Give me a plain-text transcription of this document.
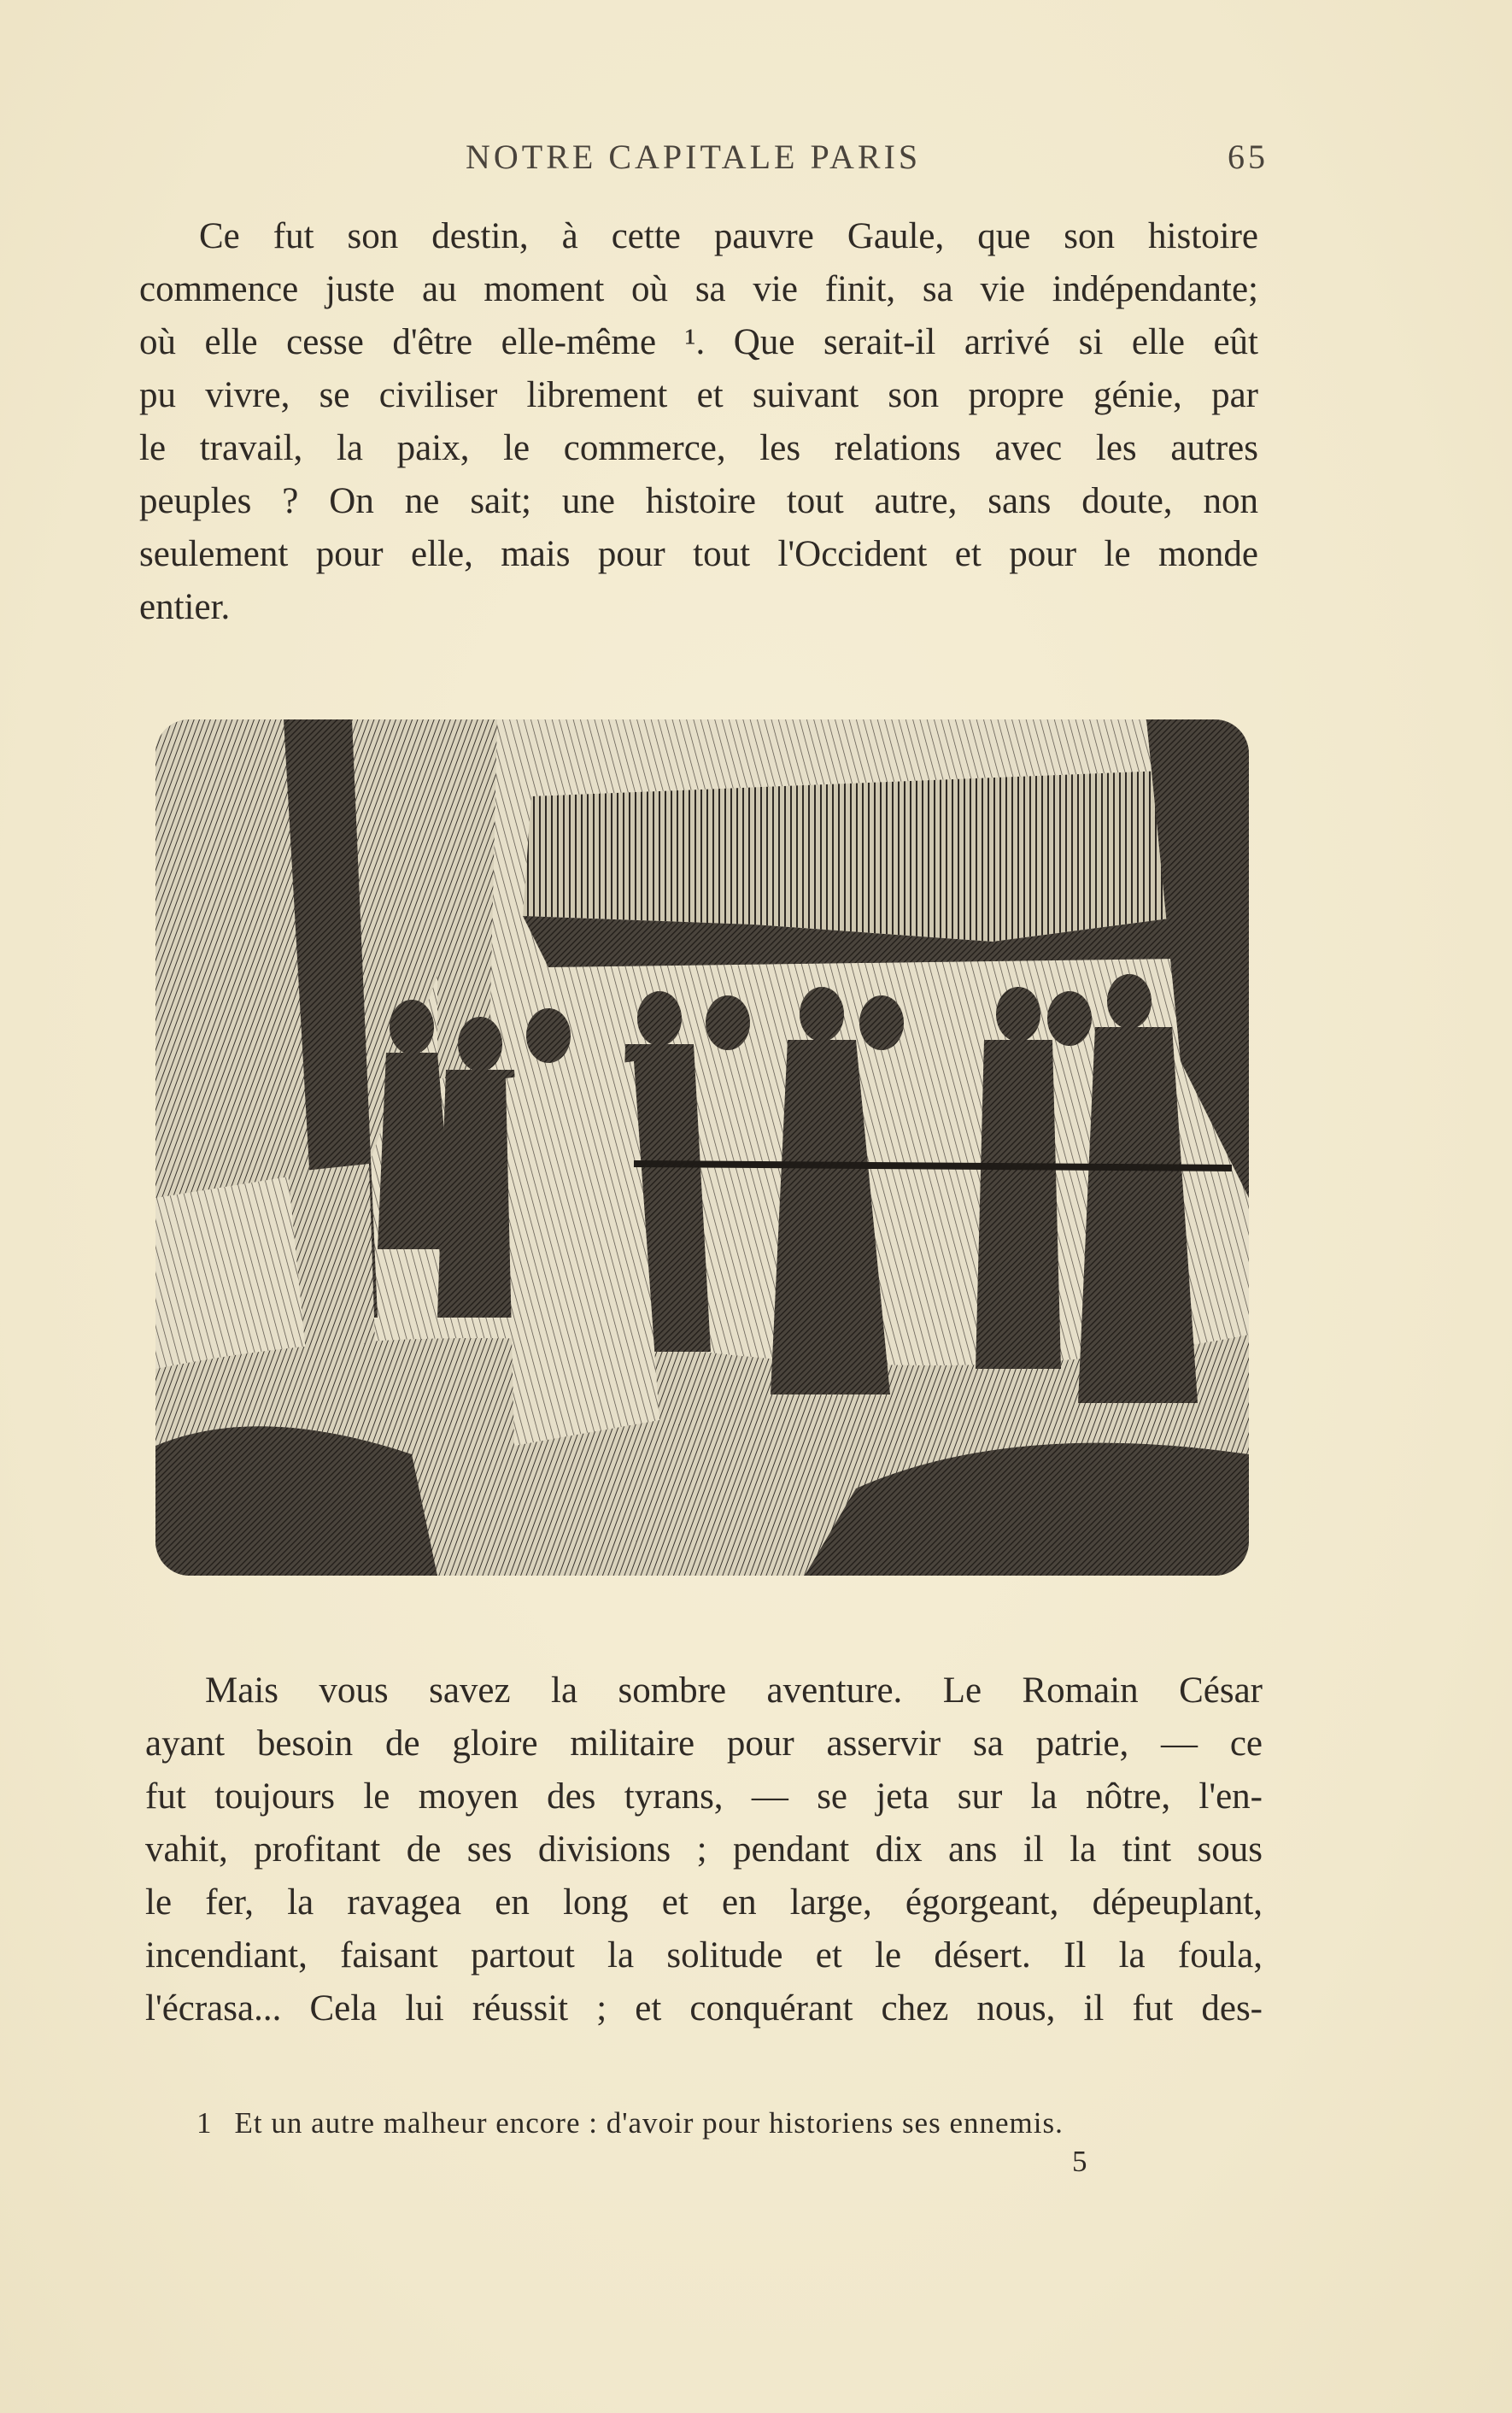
NOTRE CAPITALE PARIS	65
Ce fut son destin, à cette pauvre Gaule, que son histoire
commence juste au moment où sa vie finit, sa vie indépendante;
où elle cesse d'être elle-même ¹. Que serait-il arrivé si elle eût
pu vivre, se civiliser librement et suivant son propre génie, par
le travail, la paix, le commerce, les relations avec les autres
peuples ? On ne sait; une histoire tout autre, sans doute, non
seulement pour elle, mais pour tout l'Occident et pour le monde
entier.
Mais vous savez la sombre aventure. Le Romain César
ayant besoin de gloire militaire pour asservir sa patrie, — ce
fut toujours le moyen des tyrans, — se jeta sur la nôtre, l'en-
vahit, profitant de ses divisions ; pendant dix ans il la tint sous
le fer, la ravagea en long et en large, égorgeant, dépeuplant,
incendiant, faisant partout la solitude et le désert. Il la foula,
l'écrasa... Cela lui réussit ; et conquérant chez nous, il fut des-
1 Et un autre malheur encore : d'avoir pour historiens ses ennemis.
5
